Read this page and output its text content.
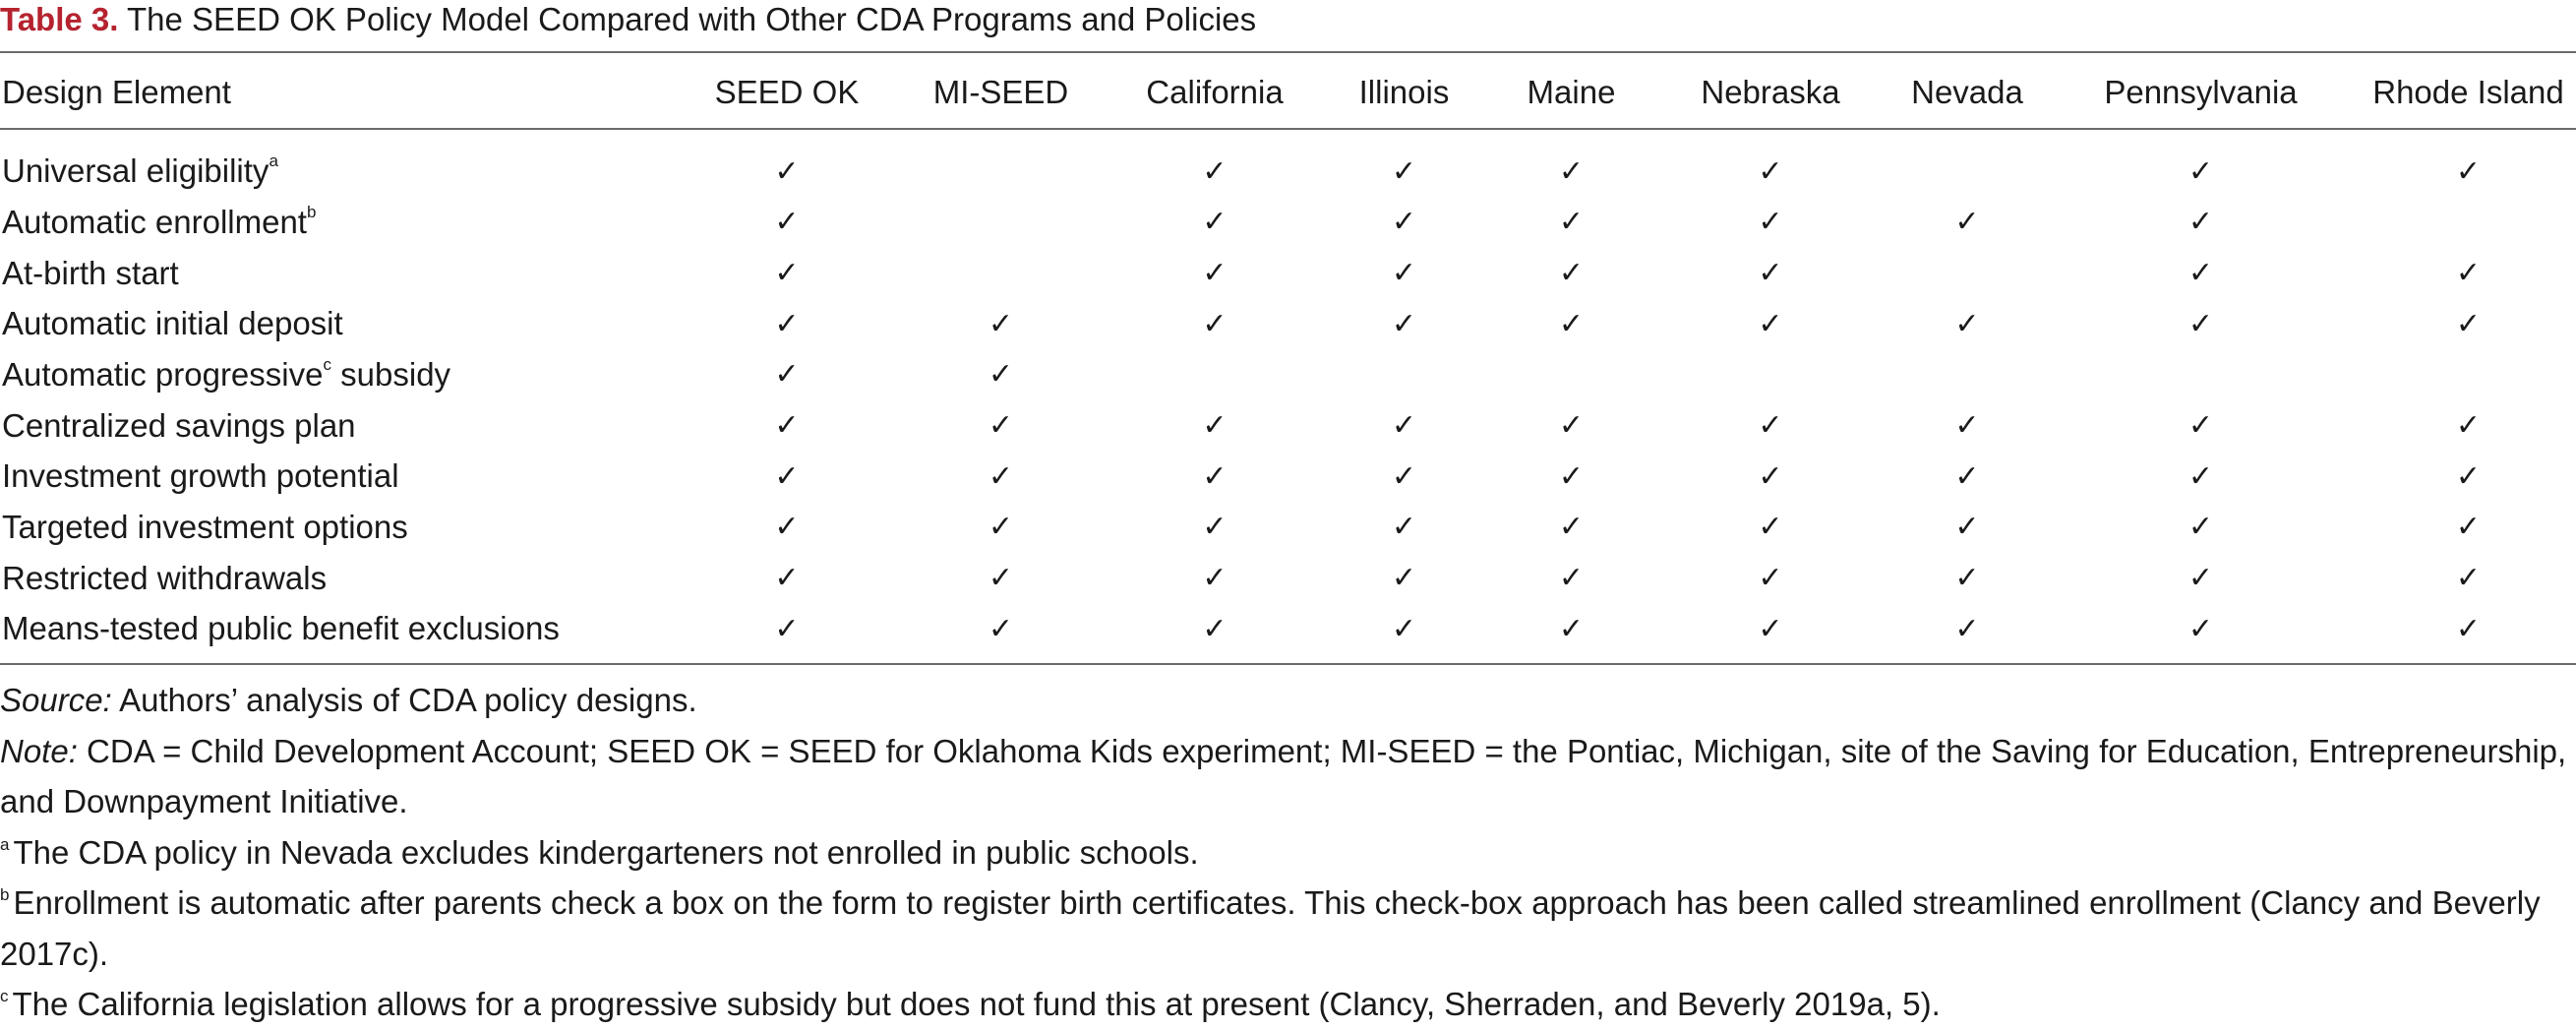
Table 3. The SEED OK Policy Model Compared with Other CDA Programs and Policies
Design Element	SEED OK	MI-SEED	California	Illinois	Maine	Nebraska	Nevada	Pennsylvania	Rhode Island
Universal eligibility$^a$	✓		✓	✓	✓	✓		✓	✓
Automatic enrollment$^b$	✓		✓	✓	✓	✓	✓	✓	
At-birth start	✓		✓	✓	✓	✓		✓	✓
Automatic initial deposit	✓	✓	✓	✓	✓	✓	✓	✓	✓
Automatic progressive$^c$ subsidy	✓	✓							
Centralized savings plan	✓	✓	✓	✓	✓	✓	✓	✓	✓
Investment growth potential	✓	✓	✓	✓	✓	✓	✓	✓	✓
Targeted investment options	✓	✓	✓	✓	✓	✓	✓	✓	✓
Restricted withdrawals	✓	✓	✓	✓	✓	✓	✓	✓	✓
Means-tested public benefit exclusions	✓	✓	✓	✓	✓	✓	✓	✓	✓

Source: Authors’ analysis of CDA policy designs.

Note: CDA = Child Development Account; SEED OK = SEED for Oklahoma Kids experiment; MI-SEED = the Pontiac, Michigan, site of the Saving for Education, Entrepreneurship, and Downpayment Initiative.

$^a$ The CDA policy in Nevada excludes kindergarteners not enrolled in public schools.

$^b$ Enrollment is automatic after parents check a box on the form to register birth certificates. This check-box approach has been called streamlined enrollment (Clancy and Beverly 2017c).

$^c$ The California legislation allows for a progressive subsidy but does not fund this at present (Clancy, Sherraden, and Beverly 2019a, 5).
